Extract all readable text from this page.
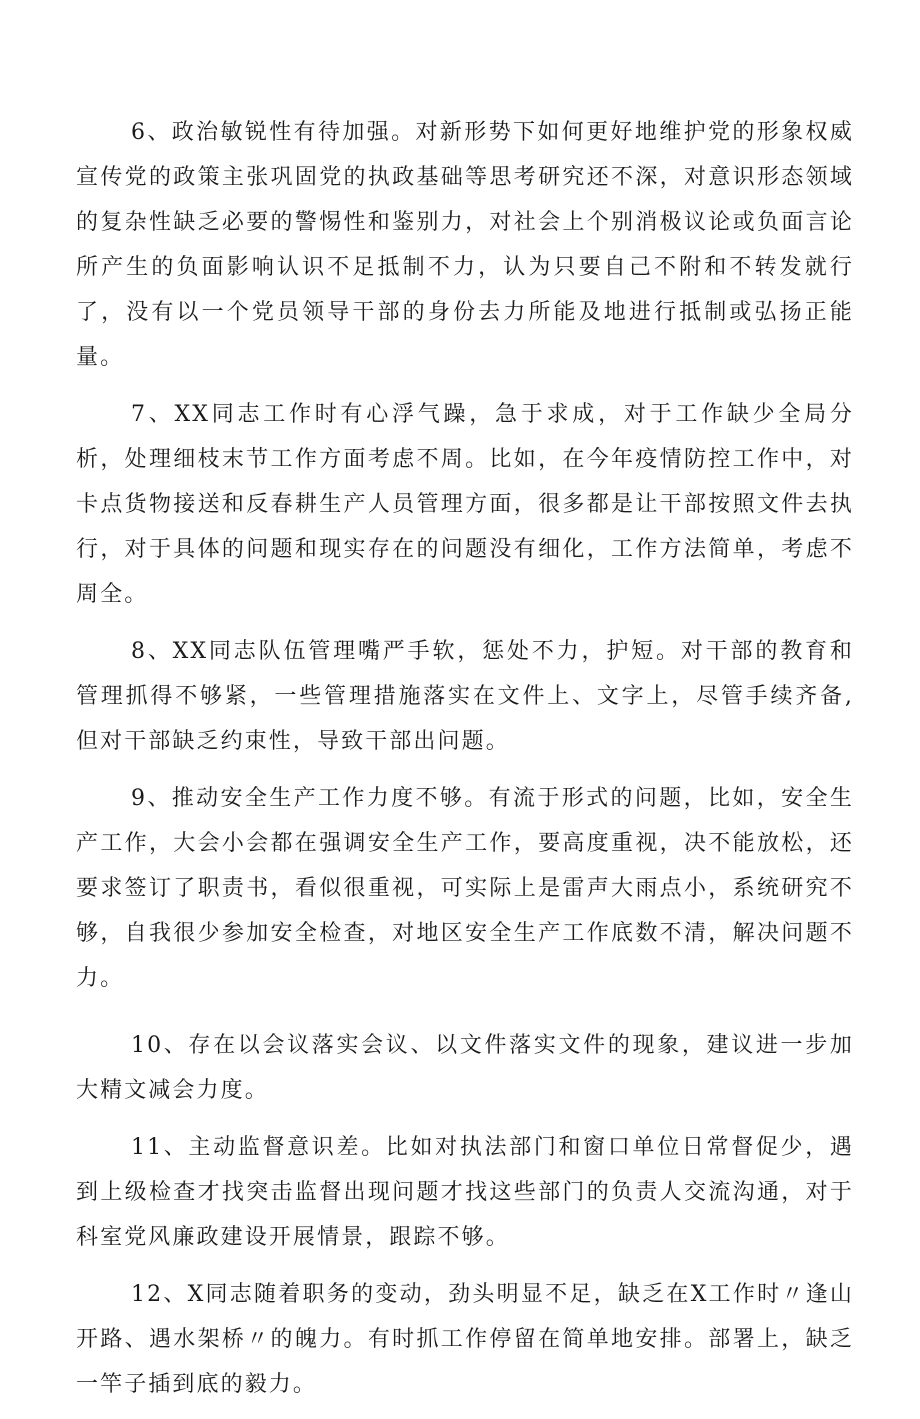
6、政治敏锐性有待加强。对新形势下如何更好地维护党的形象权威宣传党的政策主张巩固党的执政基础等思考研究还不深，对意识形态领域的复杂性缺乏必要的警惕性和鉴别力，对社会上个别消极议论或负面言论所产生的负面影响认识不足抵制不力，认为只要自己不附和不转发就行了，没有以一个党员领导干部的身份去力所能及地进行抵制或弘扬正能量。

7、XX同志工作时有心浮气躁，急于求成，对于工作缺少全局分析，处理细枝末节工作方面考虑不周。比如，在今年疫情防控工作中，对卡点货物接送和反春耕生产人员管理方面，很多都是让干部按照文件去执行，对于具体的问题和现实存在的问题没有细化，工作方法简单，考虑不周全。

8、XX同志队伍管理嘴严手软，惩处不力，护短。对干部的教育和管理抓得不够紧，一些管理措施落实在文件上、文字上，尽管手续齐备,但对干部缺乏约束性，导致干部出问题。

9、推动安全生产工作力度不够。有流于形式的问题，比如，安全生产工作，大会小会都在强调安全生产工作，要高度重视，决不能放松，还要求签订了职责书，看似很重视，可实际上是雷声大雨点小，系统研究不够，自我很少参加安全检查，对地区安全生产工作底数不清，解决问题不力。

10、存在以会议落实会议、以文件落实文件的现象，建议进一步加大精文减会力度。

11、主动监督意识差。比如对执法部门和窗口单位日常督促少，遇到上级检查才找突击监督出现问题才找这些部门的负责人交流沟通，对于科室党风廉政建设开展情景，跟踪不够。

12、X同志随着职务的变动，劲头明显不足，缺乏在X工作时〃逢山开路、遇水架桥〃的魄力。有时抓工作停留在简单地安排。部署上，缺乏一竿子插到底的毅力。
